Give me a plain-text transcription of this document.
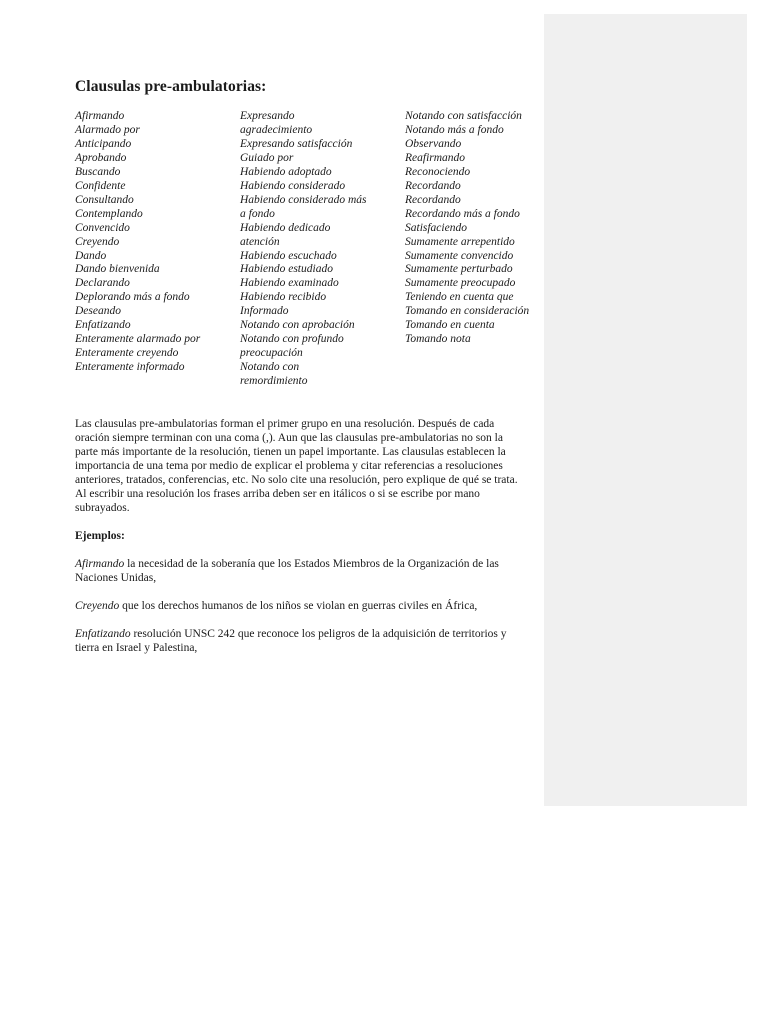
Clausulas pre-ambulatorias:
Afirmando
Alarmado por
Anticipando
Aprobando
Buscando
Confidente
Consultando
Contemplando
Convencido
Creyendo
Dando
Dando bienvenida
Declarando
Deplorando más a fondo
Deseando
Enfatizando
Enteramente alarmado por
Enteramente creyendo
Enteramente informado
Expresando
agradecimiento
Expresando satisfacción
Guiado por
Habiendo adoptado
Habiendo considerado
Habiendo considerado más
a fondo
Habiendo dedicado
atención
Habiendo escuchado
Habiendo estudiado
Habiendo examinado
Habiendo recibido
Informado
Notando con aprobación
Notando con profundo
preocupación
Notando con
remordimiento
Notando con satisfacción
Notando más a fondo
Observando
Reafirmando
Reconociendo
Recordando
Recordando
Recordando más a fondo
Satisfaciendo
Sumamente arrepentido
Sumamente convencido
Sumamente perturbado
Sumamente preocupado
Teniendo en cuenta que
Tomando en consideración
Tomando en cuenta
Tomando nota

Las clausulas pre-ambulatorias forman el primer grupo en una resolución. Después de cada
oración siempre terminan con una coma (,). Aun que las clausulas pre-ambulatorias no son la
parte más importante de la resolución, tienen un papel importante. Las clausulas establecen la
importancia de una tema por medio de explicar el problema y citar referencias a resoluciones
anteriores, tratados, conferencias, etc. No solo cite una resolución, pero explique de qué se trata.
Al escribir una resolución los frases arriba deben ser en itálicos o si se escribe por mano
subrayados.

Ejemplos:

Afirmando la necesidad de la soberanía que los Estados Miembros de la Organización de las Naciones Unidas,

Creyendo que los derechos humanos de los niños se violan en guerras civiles en África,

Enfatizando resolución UNSC 242 que reconoce los peligros de la adquisición de territorios y tierra en Israel y Palestina,
